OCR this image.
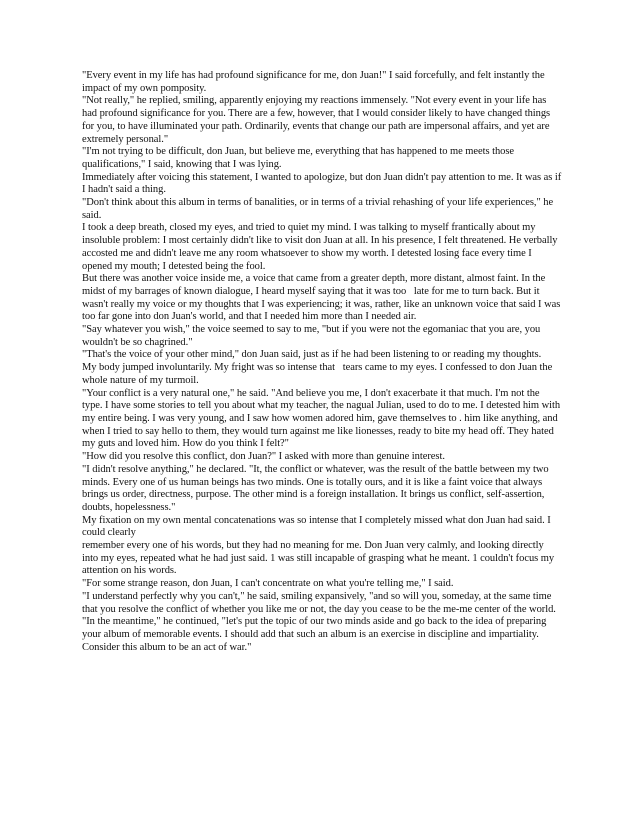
"Every event in my life has had profound significance for me, don Juan!" I said forcefully, and felt instantly the impact of my own pomposity.

"Not really," he replied, smiling, apparently enjoying my reactions immensely. "Not every event in your life has had profound significance for you. There are a few, however, that I would consider likely to have changed things for you, to have illuminated your path. Ordinarily, events that change our path are impersonal affairs, and yet are extremely personal."

"I'm not trying to be difficult, don Juan, but believe me, everything that has happened to me meets those qualifications," I said, knowing that I was lying.

Immediately after voicing this statement, I wanted to apologize, but don Juan didn't pay attention to me. It was as if I hadn't said a thing.

"Don't think about this album in terms of banalities, or in terms of a trivial rehashing of your life experiences," he said.

I took a deep breath, closed my eyes, and tried to quiet my mind. I was talking to myself frantically about my insoluble problem: I most certainly didn't like to visit don Juan at all. In his presence, I felt threatened. He verbally accosted me and didn't leave me any room whatsoever to show my worth. I detested losing face every time I opened my mouth; I detested being the fool.

But there was another voice inside me, a voice that came from a greater depth, more distant, almost faint. In the midst of my barrages of known dialogue, I heard myself saying that it was too   late for me to turn back. But it wasn't really my voice or my thoughts that I was experiencing; it was, rather, like an unknown voice that said I was too far gone into don Juan's world, and that I needed him more than I needed air.

"Say whatever you wish," the voice seemed to say to me, "but if you were not the egomaniac that you are, you wouldn't be so chagrined."

"That's the voice of your other mind," don Juan said, just as if he had been listening to or reading my thoughts.

My body jumped involuntarily. My fright was so intense that   tears came to my eyes. I confessed to don Juan the whole nature of my turmoil.

"Your conflict is a very natural one," he said. "And believe you me, I don't exacerbate it that much. I'm not the type. I have some stories to tell you about what my teacher, the nagual Julian, used to do to me. I detested him with my entire being. I was very young, and I saw how women adored him, gave themselves to . him like anything, and when I tried to say hello to them, they would turn against me like lionesses, ready to bite my head off. They hated my guts and loved him. How do you think I felt?"

"How did you resolve this conflict, don Juan?" I asked with more than genuine interest.

"I didn't resolve anything," he declared. "It, the conflict or whatever, was the result of the battle between my two minds. Every one of us human beings has two minds. One is totally ours, and it is like a faint voice that always brings us order, directness, purpose. The other mind is a foreign installation. It brings us conflict, self-assertion, doubts, hopelessness."

My fixation on my own mental concatenations was so intense that I completely missed what don Juan had said. I could clearly

remember every one of his words, but they had no meaning for me. Don Juan very calmly, and looking directly into my eyes, repeated what he had just said. 1 was still incapable of grasping what he meant. 1 couldn't focus my attention on his words.

"For some strange reason, don Juan, I can't concentrate on what you're telling me," I said.

"I understand perfectly why you can't," he said, smiling expansively, "and so will you, someday, at the same time that you resolve the conflict of whether you like me or not, the day you cease to be the me-me center of the world.

"In the meantime," he continued, "let's put the topic of our two minds aside and go back to the idea of preparing your album of memorable events. I should add that such an album is an exercise in discipline and impartiality. Consider this album to be an act of war."
